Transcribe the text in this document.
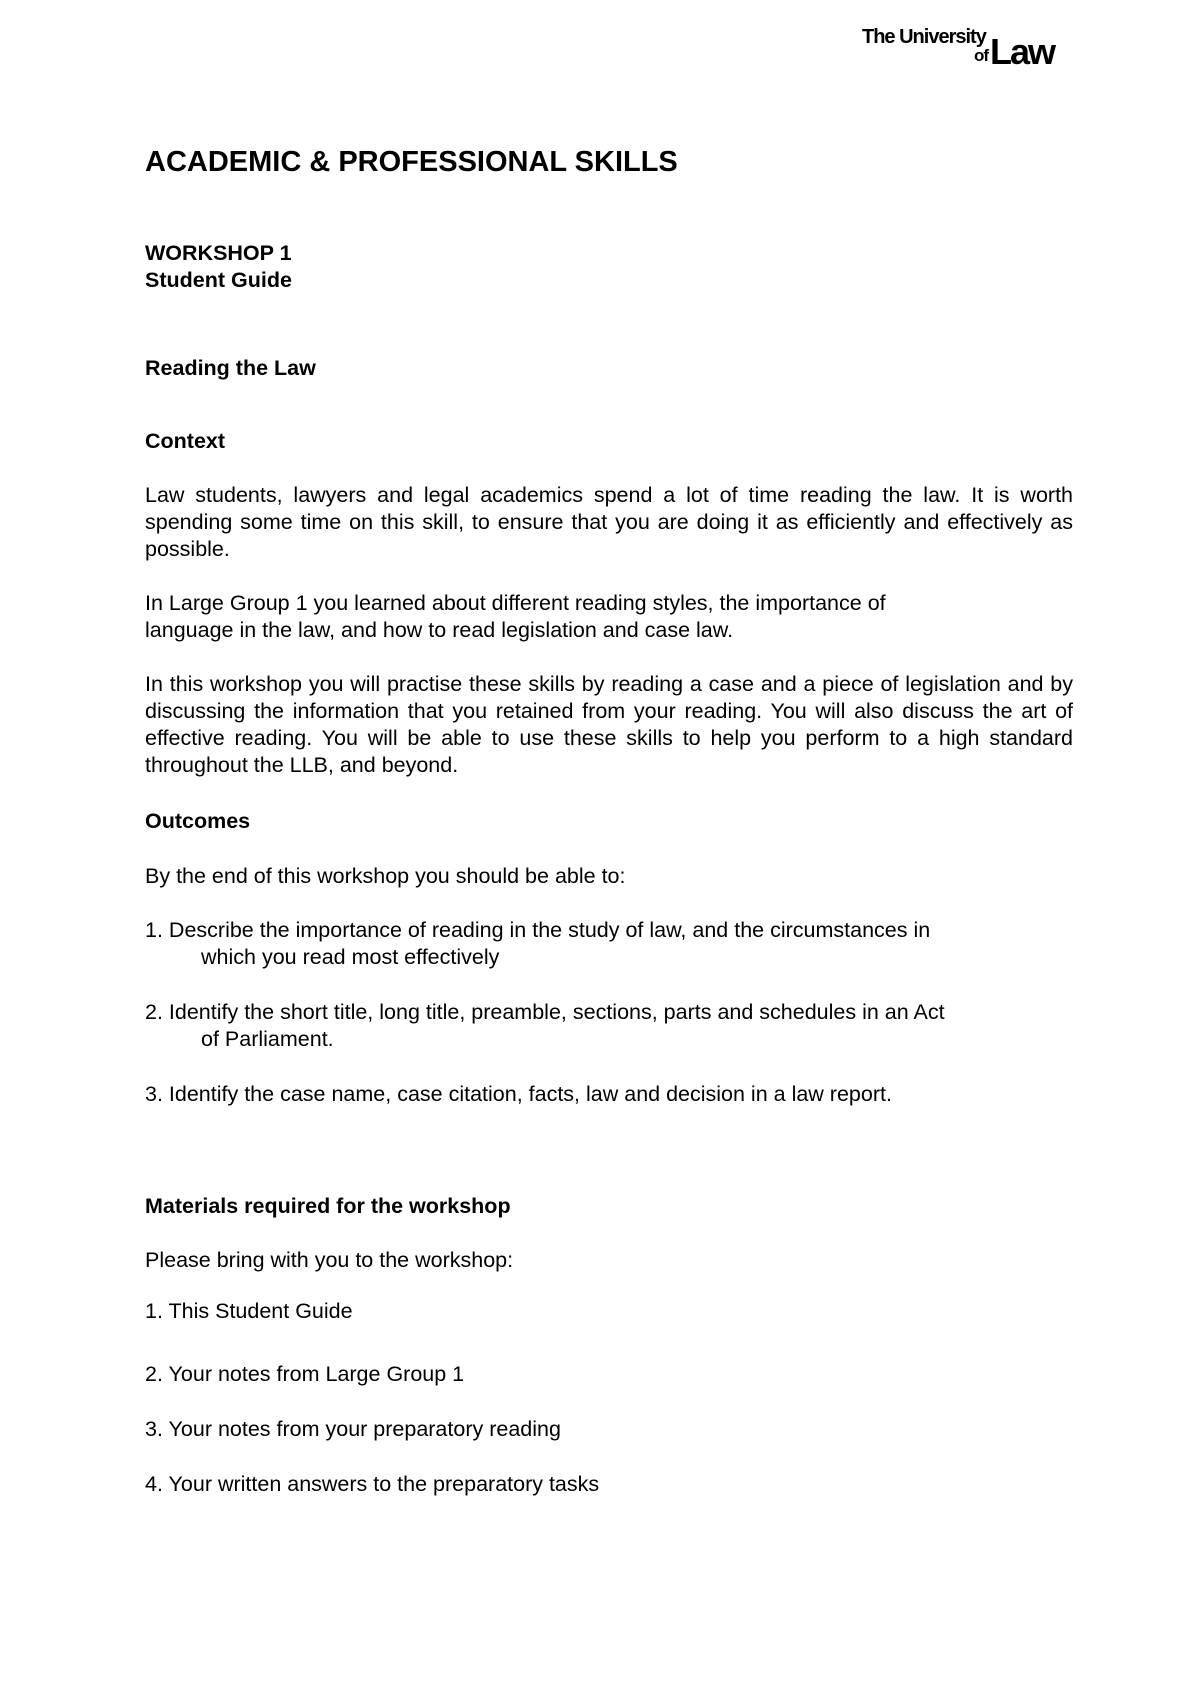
The University
of Law
ACADEMIC & PROFESSIONAL SKILLS
WORKSHOP 1
Student Guide
Reading the Law
Context
Law students, lawyers and legal academics spend a lot of time reading the law. It is worth spending some time on this skill, to ensure that you are doing it as efficiently and effectively as possible.
In Large Group 1 you learned about different reading styles, the importance of
language in the law, and how to read legislation and case law.
In this workshop you will practise these skills by reading a case and a piece of legislation and by discussing the information that you retained from your reading. You will also discuss the art of effective reading. You will be able to use these skills to help you perform to a high standard throughout the LLB, and beyond.
Outcomes
By the end of this workshop you should be able to:
1. Describe the importance of reading in the study of law, and the circumstances in
which you read most effectively
2. Identify the short title, long title, preamble, sections, parts and schedules in an Act
of Parliament.
3. Identify the case name, case citation, facts, law and decision in a law report.
Materials required for the workshop
Please bring with you to the workshop:
1. This Student Guide
2. Your notes from Large Group 1
3. Your notes from your preparatory reading
4. Your written answers to the preparatory tasks
